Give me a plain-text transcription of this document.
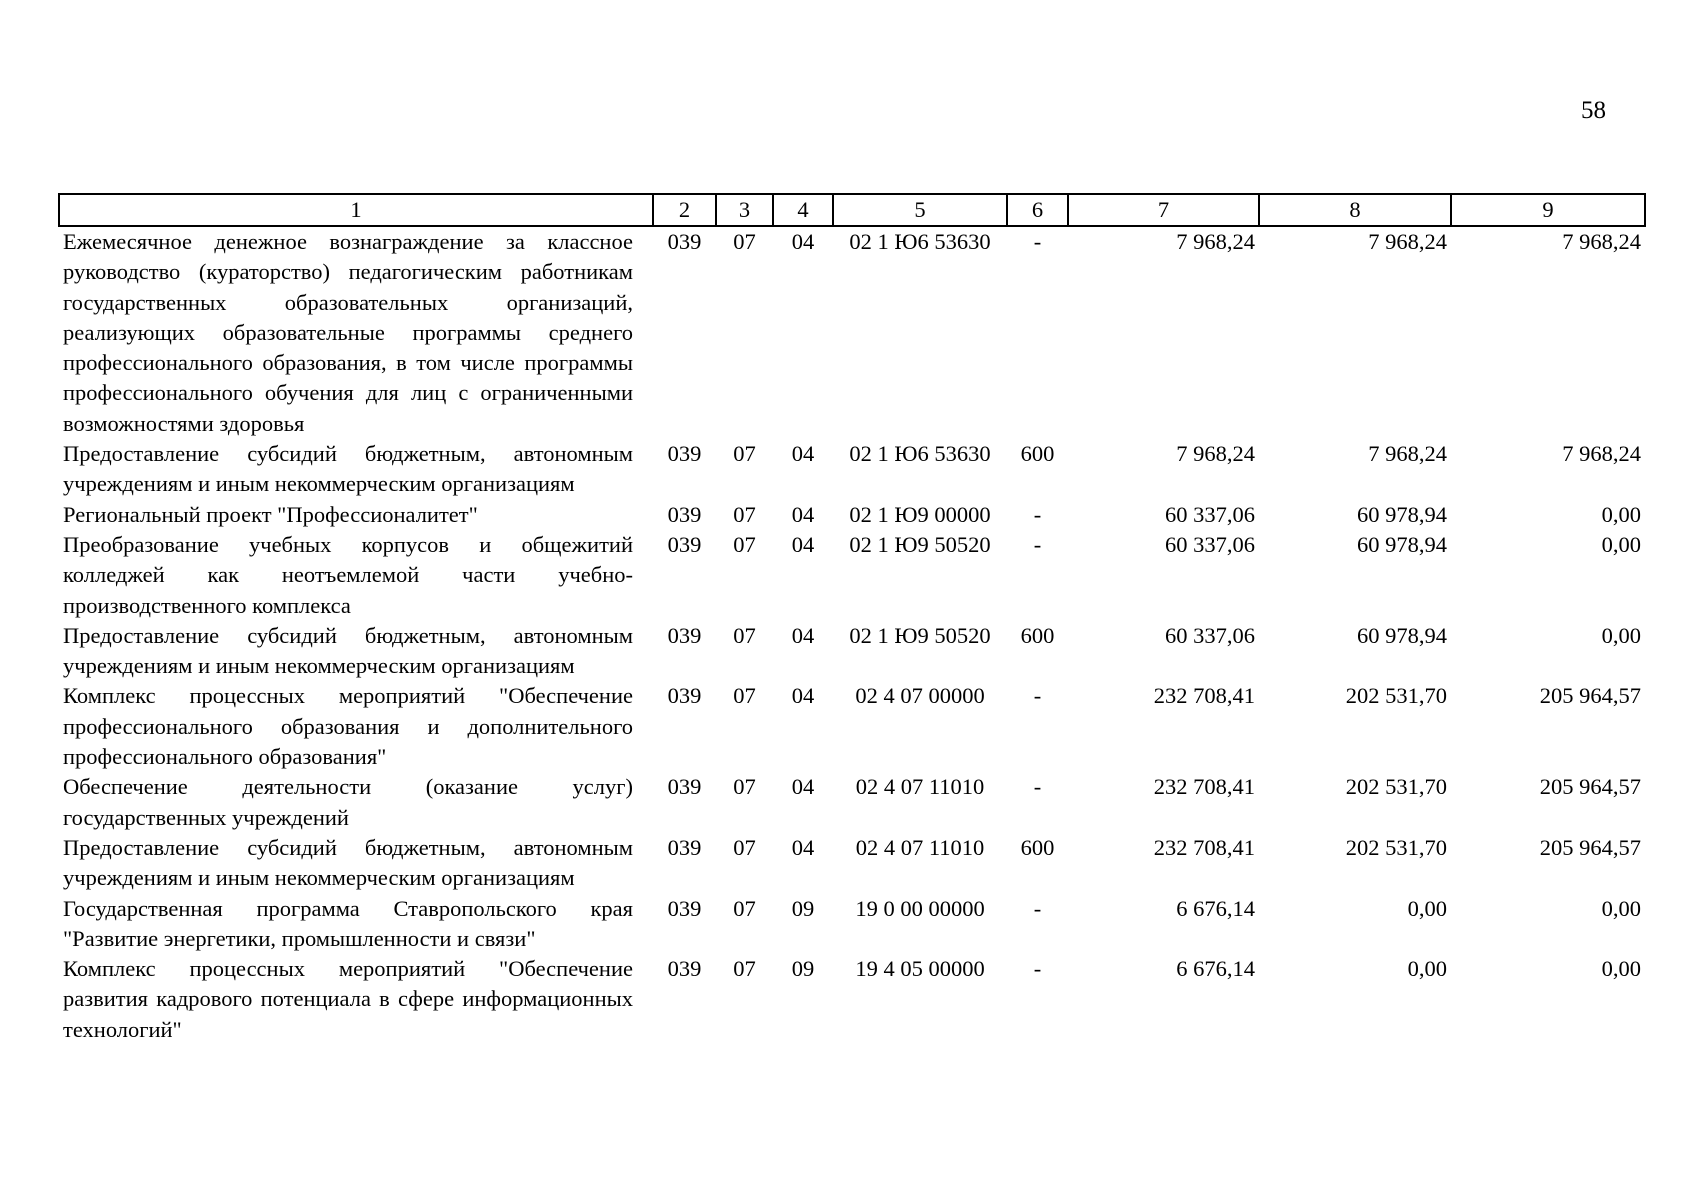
58
1	2	3	4	5	6	7	8	9
Ежемесячное денежное вознаграждение за классное руководство (кураторство) педагогическим работникам государственных образовательных организаций, реализующих образовательные программы среднего профессионального образования, в том числе программы профессионального обучения для лиц с ограниченными возможностями здоровья	039	07	04	02 1 Ю6 53630	-	7 968,24	7 968,24	7 968,24
Предоставление субсидий бюджетным, автономным учреждениям и иным некоммерческим организациям	039	07	04	02 1 Ю6 53630	600	7 968,24	7 968,24	7 968,24
Региональный проект "Профессионалитет"	039	07	04	02 1 Ю9 00000	-	60 337,06	60 978,94	0,00
Преобразование учебных корпусов и общежитий колледжей как неотъемлемой части учебно-производственного комплекса	039	07	04	02 1 Ю9 50520	-	60 337,06	60 978,94	0,00
Предоставление субсидий бюджетным, автономным учреждениям и иным некоммерческим организациям	039	07	04	02 1 Ю9 50520	600	60 337,06	60 978,94	0,00
Комплекс процессных мероприятий "Обеспечение профессионального образования и дополнительного профессионального образования"	039	07	04	02 4 07 00000	-	232 708,41	202 531,70	205 964,57
Обеспечение деятельности (оказание услуг) государственных учреждений	039	07	04	02 4 07 11010	-	232 708,41	202 531,70	205 964,57
Предоставление субсидий бюджетным, автономным учреждениям и иным некоммерческим организациям	039	07	04	02 4 07 11010	600	232 708,41	202 531,70	205 964,57
Государственная программа Ставропольского края "Развитие энергетики, промышленности и связи"	039	07	09	19 0 00 00000	-	6 676,14	0,00	0,00
Комплекс процессных мероприятий "Обеспечение развития кадрового потенциала в сфере информационных технологий"	039	07	09	19 4 05 00000	-	6 676,14	0,00	0,00
